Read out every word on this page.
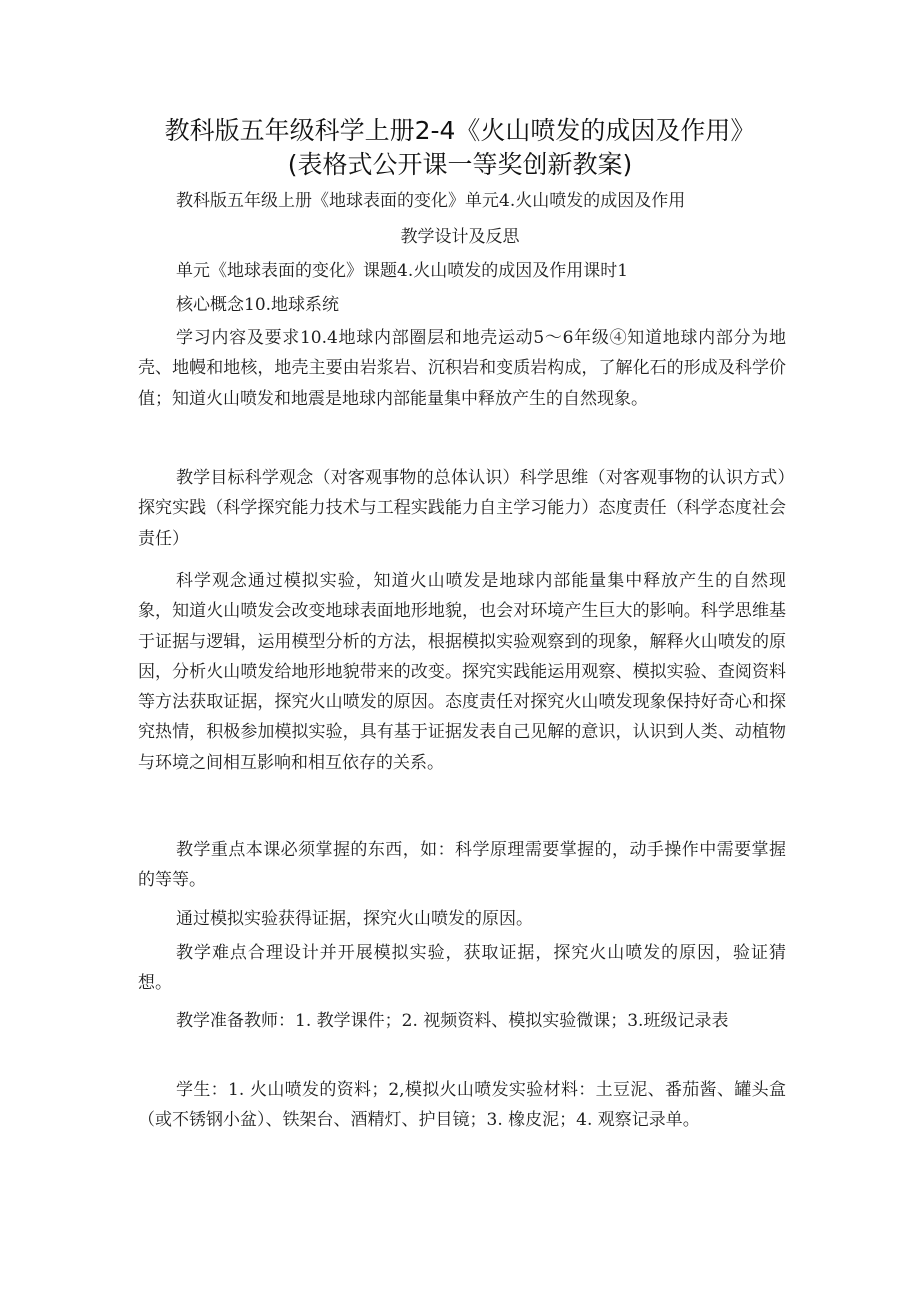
教科版五年级科学上册2-4《火山喷发的成因及作用》
(表格式公开课一等奖创新教案)
教科版五年级上册《地球表面的变化》单元4.火山喷发的成因及作用
教学设计及反思
单元《地球表面的变化》课题4.火山喷发的成因及作用课时1
核心概念10.地球系统
学习内容及要求10.4地球内部圈层和地壳运动5～6年级④知道地球内部分为地壳、地幔和地核，地壳主要由岩浆岩、沉积岩和变质岩构成，了解化石的形成及科学价值；知道火山喷发和地震是地球内部能量集中释放产生的自然现象。
教学目标科学观念（对客观事物的总体认识）科学思维（对客观事物的认识方式）探究实践（科学探究能力技术与工程实践能力自主学习能力）态度责任（科学态度社会责任）
科学观念通过模拟实验，知道火山喷发是地球内部能量集中释放产生的自然现象，知道火山喷发会改变地球表面地形地貌，也会对环境产生巨大的影响。科学思维基于证据与逻辑，运用模型分析的方法，根据模拟实验观察到的现象，解释火山喷发的原因，分析火山喷发给地形地貌带来的改变。探究实践能运用观察、模拟实验、查阅资料等方法获取证据，探究火山喷发的原因。态度责任对探究火山喷发现象保持好奇心和探究热情，积极参加模拟实验，具有基于证据发表自己见解的意识，认识到人类、动植物与环境之间相互影响和相互依存的关系。
教学重点本课必须掌握的东西，如：科学原理需要掌握的，动手操作中需要掌握的等等。
通过模拟实验获得证据，探究火山喷发的原因。
教学难点合理设计并开展模拟实验，获取证据，探究火山喷发的原因，验证猜想。
教学准备教师：1. 教学课件；2. 视频资料、模拟实验微课；3.班级记录表
学生：1. 火山喷发的资料；2,模拟火山喷发实验材料：土豆泥、番茄酱、罐头盒（或不锈钢小盆）、铁架台、酒精灯、护目镜；3. 橡皮泥；4. 观察记录单。
